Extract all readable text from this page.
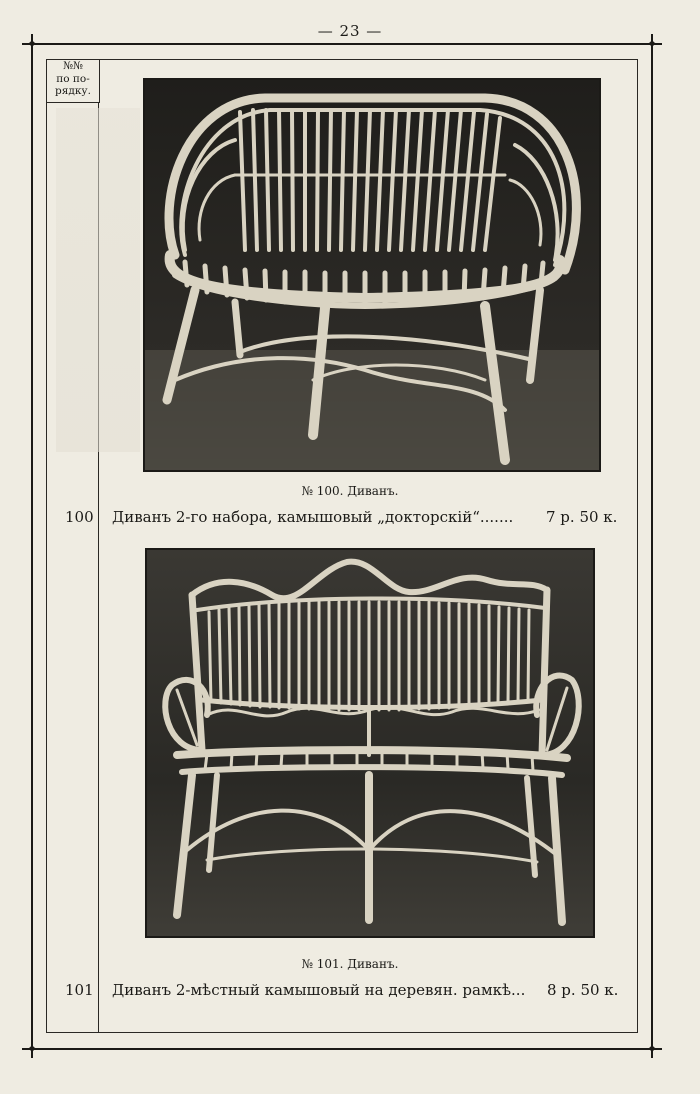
— 23 —
✦	✦
✦	✦
№№
по по-
рядку.
№ 100. Диванъ.
100 Диванъ 2-го набора, камышовый „докторскій“....... 7 р. 50 к.
№ 101. Диванъ.
101 Диванъ 2-мѣстный камышовый на деревян. рамкѣ... 8 р. 50 к.
